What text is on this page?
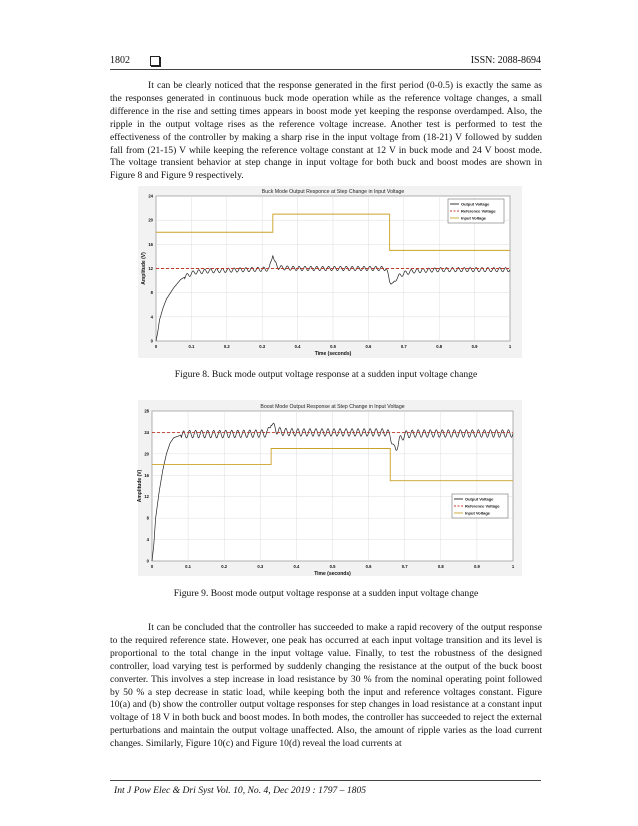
1802	ISSN: 2088-8694

It can be clearly noticed that the response generated in the first period (0-0.5) is exactly the same as the responses generated in continuous buck mode operation while as the reference voltage changes, a small difference in the rise and setting times appears in boost mode yet keeping the response overdamped. Also, the ripple in the output voltage rises as the reference voltage increase. Another test is performed to test the effectiveness of the controller by making a sharp rise in the input voltage from (18-21) V followed by sudden fall from (21-15) V while keeping the reference voltage constant at 12 V in buck mode and 24 V boost mode. The voltage transient behavior at step change in input voltage for both buck and boost modes are shown in Figure 8 and Figure 9 respectively.

0	0.1	0.2	0.3	0.4	0.5	0.6	0.7	0.8	0.9	1
0
4
8
12
16
20
24
Buck Mode Output Responce at Step Change in Input Voltage
Time (seconds)
Amplitude (V)
Output Voltage
Reference Voltage
Input Voltage

Figure 8. Buck mode output voltage response at a sudden input voltage change

0	0.1	0.2	0.3	0.4	0.5	0.6	0.7	0.8	0.9	1
0
4
8
12
16
20
24
28
Boost Mode Output Response at Step Change in Input Voltage
Time (seconds)
Amplitude (V)	Output Voltage
Reference Voltage
Input Voltage

Figure 9. Boost mode output voltage response at a sudden input voltage change

It can be concluded that the controller has succeeded to make a rapid recovery of the output response to the required reference state. However, one peak has occurred at each input voltage transition and its level is proportional to the total change in the input voltage value. Finally, to test the robustness of the designed controller, load varying test is performed by suddenly changing the resistance at the output of the buck boost converter. This involves a step increase in load resistance by 30 % from the nominal operating point followed by 50 % a step decrease in static load, while keeping both the input and reference voltages constant. Figure 10(a) and (b) show the controller output voltage responses for step changes in load resistance at a constant input voltage of 18 V in both buck and boost modes. In both modes, the controller has succeeded to reject the external perturbations and maintain the output voltage unaffected. Also, the amount of ripple varies as the load current changes. Similarly, Figure 10(c) and Figure 10(d) reveal the load currents at

Int J Pow Elec & Dri Syst Vol. 10, No. 4, Dec 2019 : 1797 – 1805
